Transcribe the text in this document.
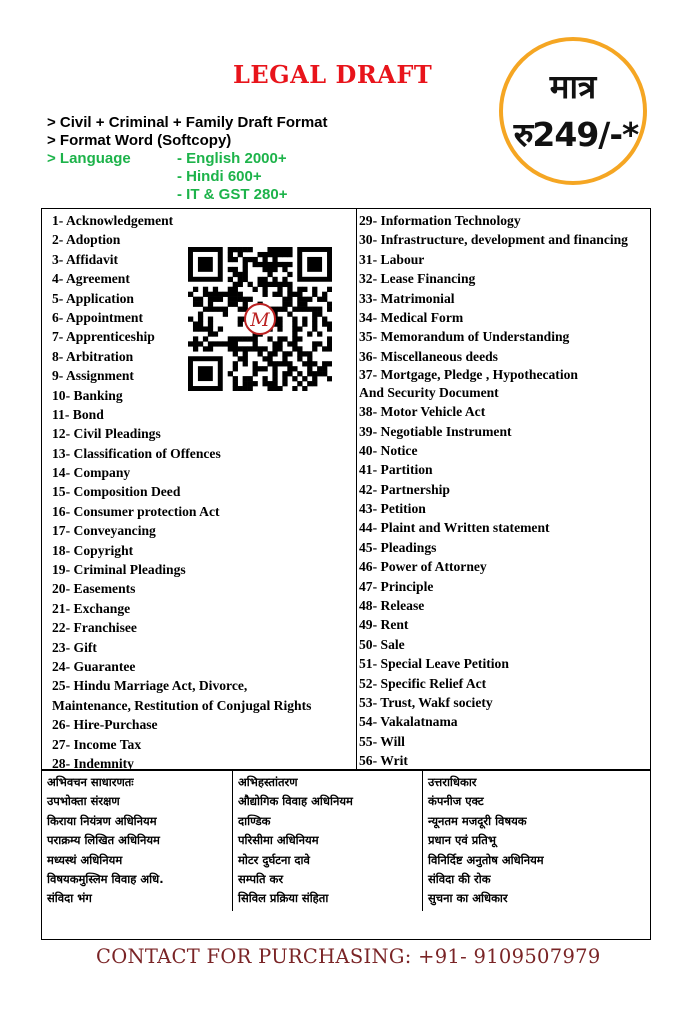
LEGAL DRAFT	मात्र
रु249/-*
> Civil + Criminal + Family Draft Format
> Format Word (Softcopy)
> Language	- English 2000+
- Hindi 600+
- IT & GST 280+
1- Acknowledgement
2- Adoption
3- Affidavit
4- Agreement
5- Application
6- Appointment
7- Apprenticeship
8- Arbitration
9- Assignment
10- Banking
11- Bond
12- Civil Pleadings
13- Classification of Offences
14- Company
15- Composition Deed
16- Consumer protection Act
17- Conveyancing
18- Copyright
19- Criminal Pleadings
20- Easements
21- Exchange
22- Franchisee
23- Gift
24- Guarantee
25- Hindu Marriage Act, Divorce,
Maintenance, Restitution of Conjugal Rights
26- Hire-Purchase
27- Income Tax
28- Indemnity
M
29- Information Technology
30- Infrastructure, development and financing
31- Labour
32- Lease Financing
33- Matrimonial
34- Medical Form
35- Memorandum of Understanding
36- Miscellaneous deeds
37- Mortgage, Pledge , Hypothecation
And Security Document
38- Motor Vehicle Act
39- Negotiable Instrument
40- Notice
41- Partition
42- Partnership
43- Petition
44- Plaint and Written statement
45- Pleadings
46- Power of Attorney
47- Principle
48- Release
49- Rent
50- Sale
51- Special Leave Petition
52- Specific Relief Act
53- Trust, Wakf society
54- Vakalatnama
55- Will
56- Writ
अभिवचन साधारणतः
उपभोक्ता संरक्षण
किराया नियंत्रण अधिनियम
पराक्रम्य लिखित अधिनियम
मध्यस्थं अधिनियम
विषयकमुस्लिम विवाह अधि.
संविदा भंग
अभिहस्तांतरण
औद्योगिक विवाह अधिनियम
दाण्डिक
परिसीमा अधिनियम
मोटर दुर्घटना दावे
सम्पति कर
सिविल प्रक्रिया संहिता
उत्तराधिकार
कंपनीज एक्ट
न्यूनतम मजदूरी विषयक
प्रधान एवं प्रतिभू
विनिर्दिष्ट अनुतोष अधिनियम
संविदा की रोक
सुचना का अधिकार
CONTACT FOR PURCHASING: +91- 9109507979
